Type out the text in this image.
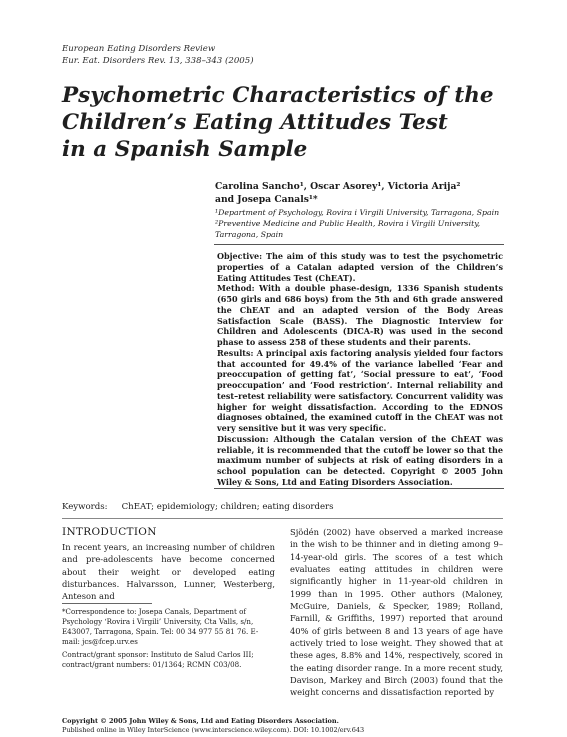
European Eating Disorders Review
Eur. Eat. Disorders Rev. 13, 338–343 (2005)
Psychometric Characteristics of the
Children’s Eating Attitudes Test
in a Spanish Sample
Carolina Sancho¹, Oscar Asorey¹, Victoria Arija²
and Josepa Canals¹*
¹Department of Psychology, Rovira i Virgili University, Tarragona, Spain
²Preventive Medicine and Public Health, Rovira i Virgili University,
Tarragona, Spain

Objective: The aim of this study was to test the psychometric properties of a Catalan adapted version of the Children’s Eating Attitudes Test (ChEAT).

Method: With a double phase-design, 1336 Spanish students (650 girls and 686 boys) from the 5th and 6th grade answered the ChEAT and an adapted version of the Body Areas Satisfaction Scale (BASS). The Diagnostic Interview for Children and Adolescents (DICA-R) was used in the second phase to assess 258 of these students and their parents.

Results: A principal axis factoring analysis yielded four factors that accounted for 49.4% of the variance labelled ‘Fear and preoccupation of getting fat’, ‘Social pressure to eat’, ‘Food preoccupation’ and ‘Food restriction’. Internal reliability and test–retest reliability were satisfactory. Concurrent validity was higher for weight dissatisfaction. According to the EDNOS diagnoses obtained, the examined cutoff in the ChEAT was not very sensitive but it was very specific.

Discussion: Although the Catalan version of the ChEAT was reliable, it is recommended that the cutoff be lower so that the maximum number of subjects at risk of eating disorders in a school population can be detected. Copyright © 2005 John Wiley & Sons, Ltd and Eating Disorders Association.

Keywords: ChEAT; epidemiology; children; eating disorders
INTRODUCTION
In recent years, an increasing number of children and pre-adolescents have become concerned about their weight or developed eating disturbances. Halvarsson, Lunner, Westerberg, Anteson and

*Correspondence to: Josepa Canals, Department of Psychology ‘Rovira i Virgili’ University, Cta Valls, s/n, E43007, Tarragona, Spain. Tel: 00 34 977 55 81 76. E-mail: jcs@fcep.urv.es

Contract/grant sponsor: Instituto de Salud Carlos III; contract/grant numbers: 01/1364; RCMN C03/08.

Sjödén (2002) have observed a marked increase in the wish to be thinner and in dieting among 9–14-year-old girls. The scores of a test which evaluates eating attitudes in children were significantly higher in 11-year-old children in 1999 than in 1995. Other authors (Maloney, McGuire, Daniels, & Specker, 1989; Rolland, Farnill, & Griffiths, 1997) reported that around 40% of girls between 8 and 13 years of age have actively tried to lose weight. They showed that at these ages, 8.8% and 14%, respectively, scored in the eating disorder range. In a more recent study, Davison, Markey and Birch (2003) found that the weight concerns and dissatisfaction reported by
Copyright © 2005 John Wiley & Sons, Ltd and Eating Disorders Association.
Published online in Wiley InterScience (www.interscience.wiley.com). DOI: 10.1002/erv.643
